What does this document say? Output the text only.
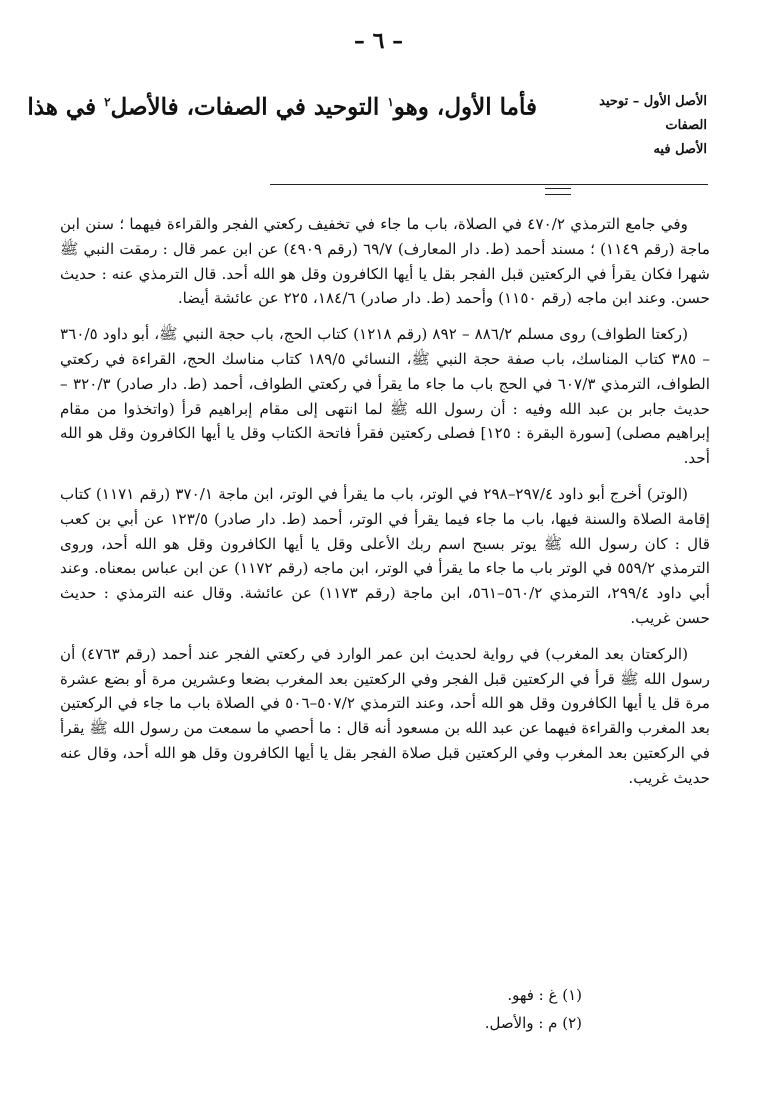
– ٦ –
الأصل الأول – توحيد
الصفات
الأصل فيه
فأما الأول، وهو$^١$ التوحيد في الصفات، فالأصل$^٢$ في هذا

وفي جامع الترمذي ٤٧٠/٢ في الصلاة، باب ما جاء في تخفيف ركعتي الفجر والقراءة فيهما ؛ سنن ابن ماجة (رقم ١١٤٩) ؛ مسند أحمد (ط. دار المعارف) ٦٩/٧ (رقم ٤٩٠٩) عن ابن عمر قال : رمقت النبي ﷺ شهرا فكان يقرأ في الركعتين قبل الفجر بقل يا أيها الكافرون وقل هو الله أحد. قال الترمذي عنه : حديث حسن. وعند ابن ماجه (رقم ١١٥٠) وأحمد (ط. دار صادر) ١٨٤/٦، ٢٢٥ عن عائشة أيضا.

(ركعتا الطواف) روى مسلم ٨٨٦/٢ – ٨٩٢ (رقم ١٢١٨) كتاب الحج، باب حجة النبي ﷺ، أبو داود ٣٦٠/٥ – ٣٨٥ كتاب المناسك، باب صفة حجة النبي ﷺ، النسائي ١٨٩/٥ كتاب مناسك الحج، القراءة في ركعتي الطواف، الترمذي ٦٠٧/٣ في الحج باب ما جاء ما يقرأ في ركعتي الطواف، أحمد (ط. دار صادر) ٣٢٠/٣ – حديث جابر بن عبد الله وفيه : أن رسول الله ﷺ لما انتهى إلى مقام إبراهيم قرأ (واتخذوا من مقام إبراهيم مصلى) [سورة البقرة : ١٢٥] فصلى ركعتين فقرأ فاتحة الكتاب وقل يا أيها الكافرون وقل هو الله أحد.

(الوتر) أخرج أبو داود ٢٩٧/٤–٢٩٨ في الوتر، باب ما يقرأ في الوتر، ابن ماجة ٣٧٠/١ (رقم ١١٧١) كتاب إقامة الصلاة والسنة فيها، باب ما جاء فيما يقرأ في الوتر، أحمد (ط. دار صادر) ١٢٣/٥ عن أبي بن كعب قال : كان رسول الله ﷺ يوتر بسبح اسم ربك الأعلى وقل يا أيها الكافرون وقل هو الله أحد، وروى الترمذي ٥٥٩/٢ في الوتر باب ما جاء ما يقرأ في الوتر، ابن ماجه (رقم ١١٧٢) عن ابن عباس بمعناه. وعند أبي داود ٢٩٩/٤، الترمذي ٥٦٠/٢–٥٦١، ابن ماجة (رقم ١١٧٣) عن عائشة. وقال عنه الترمذي : حديث حسن غريب.

(الركعتان بعد المغرب) في رواية لحديث ابن عمر الوارد في ركعتي الفجر عند أحمد (رقم ٤٧٦٣) أن رسول الله ﷺ قرأ في الركعتين قبل الفجر وفي الركعتين بعد المغرب بضعا وعشرين مرة أو بضع عشرة مرة قل يا أيها الكافرون وقل هو الله أحد، وعند الترمذي ٥٠٧/٢–٥٠٦ في الصلاة باب ما جاء في الركعتين بعد المغرب والقراءة فيهما عن عبد الله بن مسعود أنه قال : ما أحصي ما سمعت من رسول الله ﷺ يقرأ في الركعتين بعد المغرب وفي الركعتين قبل صلاة الفجر بقل يا أيها الكافرون وقل هو الله أحد، وقال عنه حديث غريب.

(١) غ : فهو.
(٢) م : والأصل.
